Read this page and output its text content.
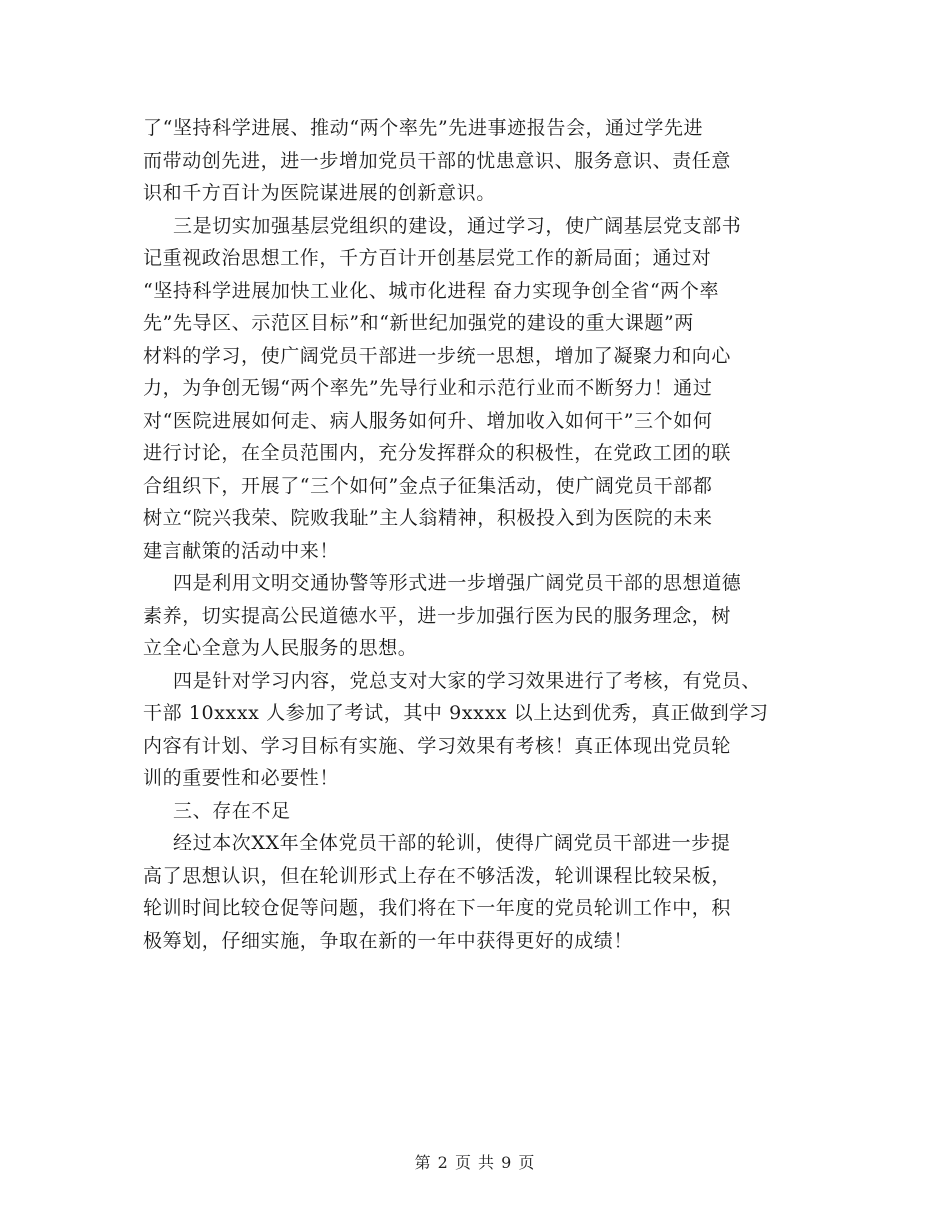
了“坚持科学进展、推动“两个率先”先进事迹报告会，通过学先进
而带动创先进，进一步增加党员干部的忧患意识、服务意识、责任意
识和千方百计为医院谋进展的创新意识。
三是切实加强基层党组织的建设，通过学习，使广阔基层党支部书
记重视政治思想工作，千方百计开创基层党工作的新局面；通过对
“坚持科学进展加快工业化、城市化进程 奋力实现争创全省“两个率
先”先导区、示范区目标”和“新世纪加强党的建设的重大课题”两
材料的学习，使广阔党员干部进一步统一思想，增加了凝聚力和向心
力，为争创无锡“两个率先”先导行业和示范行业而不断努力！通过
对“医院进展如何走、病人服务如何升、增加收入如何干”三个如何
进行讨论，在全员范围内，充分发挥群众的积极性，在党政工团的联
合组织下，开展了“三个如何”金点子征集活动，使广阔党员干部都
树立“院兴我荣、院败我耻”主人翁精神，积极投入到为医院的未来
建言献策的活动中来！
四是利用文明交通协警等形式进一步增强广阔党员干部的思想道德
素养，切实提高公民道德水平，进一步加强行医为民的服务理念，树
立全心全意为人民服务的思想。
四是针对学习内容，党总支对大家的学习效果进行了考核，有党员、
干部 10xxxx 人参加了考试，其中 9xxxx 以上达到优秀，真正做到学习
内容有计划、学习目标有实施、学习效果有考核！真正体现出党员轮
训的重要性和必要性！
三、存在不足
经过本次XX年全体党员干部的轮训，使得广阔党员干部进一步提
高了思想认识，但在轮训形式上存在不够活泼，轮训课程比较呆板，
轮训时间比较仓促等问题，我们将在下一年度的党员轮训工作中，积
极筹划，仔细实施，争取在新的一年中获得更好的成绩！
第 2 页 共 9 页
